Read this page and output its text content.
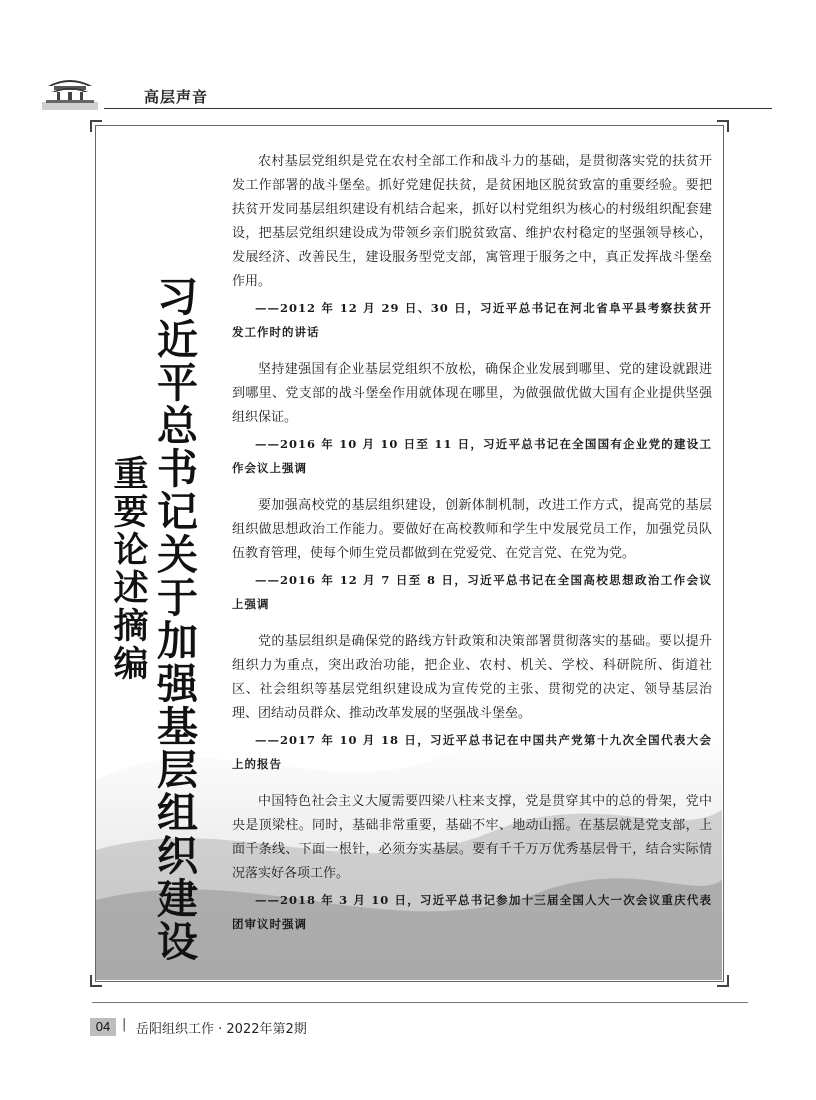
高层声音
习近平总书记关于加强基层组织建设
重要论述摘编

农村基层党组织是党在农村全部工作和战斗力的基础，是贯彻落实党的扶贫开发工作部署的战斗堡垒。抓好党建促扶贫，是贫困地区脱贫致富的重要经验。要把扶贫开发同基层组织建设有机结合起来，抓好以村党组织为核心的村级组织配套建设，把基层党组织建设成为带领乡亲们脱贫致富、维护农村稳定的坚强领导核心，发展经济、改善民生，建设服务型党支部，寓管理于服务之中，真正发挥战斗堡垒作用。

——2012 年 12 月 29 日、30 日，习近平总书记在河北省阜平县考察扶贫开发工作时的讲话

坚持建强国有企业基层党组织不放松，确保企业发展到哪里、党的建设就跟进到哪里、党支部的战斗堡垒作用就体现在哪里，为做强做优做大国有企业提供坚强组织保证。

——2016 年 10 月 10 日至 11 日，习近平总书记在全国国有企业党的建设工作会议上强调

要加强高校党的基层组织建设，创新体制机制，改进工作方式，提高党的基层组织做思想政治工作能力。要做好在高校教师和学生中发展党员工作，加强党员队伍教育管理，使每个师生党员都做到在党爱党、在党言党、在党为党。

——2016 年 12 月 7 日至 8 日，习近平总书记在全国高校思想政治工作会议上强调

党的基层组织是确保党的路线方针政策和决策部署贯彻落实的基础。要以提升组织力为重点，突出政治功能，把企业、农村、机关、学校、科研院所、街道社区、社会组织等基层党组织建设成为宣传党的主张、贯彻党的决定、领导基层治理、团结动员群众、推动改革发展的坚强战斗堡垒。

——2017 年 10 月 18 日，习近平总书记在中国共产党第十九次全国代表大会上的报告

中国特色社会主义大厦需要四梁八柱来支撑，党是贯穿其中的总的骨架，党中央是顶梁柱。同时，基础非常重要，基础不牢、地动山摇。在基层就是党支部，上面千条线、下面一根针，必须夯实基层。要有千千万万优秀基层骨干，结合实际情况落实好各项工作。

——2018 年 3 月 10 日，习近平总书记参加十三届全国人大一次会议重庆代表团审议时强调

04 | 岳阳组织工作 · 2022年第2期
